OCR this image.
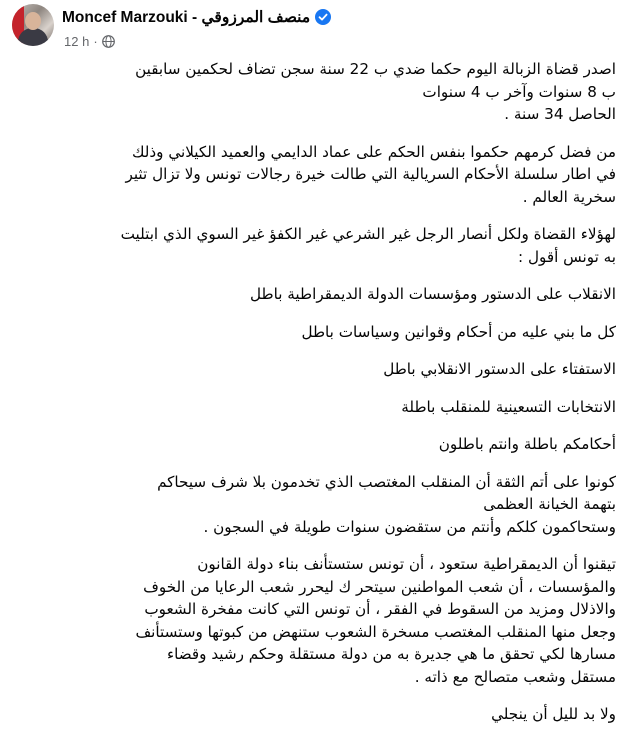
Moncef Marzouki - منصف المرزوقي
12 h ·
اصدر قضاة الزبالة اليوم حكما ضدي ب 22 سنة سجن تضاف لحكمين سابقين
ب 8 سنوات وآخر ب 4 سنوات
الحاصل 34 سنة .
من فضل كرمهم حكموا بنفس الحكم على عماد الدايمي والعميد الكيلاني وذلك
في اطار سلسلة الأحكام السريالية التي طالت خيرة رجالات تونس ولا تزال تثير
سخرية العالم .
لهؤلاء القضاة ولكل أنصار الرجل غير الشرعي غير الكفؤ غير السوي الذي ابتليت
به تونس أقول :
الانقلاب على الدستور ومؤسسات الدولة الديمقراطية باطل
كل ما بني عليه من أحكام وقوانين وسياسات باطل
الاستفتاء على الدستور الانقلابي باطل
الانتخابات التسعينية للمنقلب باطلة
أحكامكم باطلة وانتم باطلون
كونوا على أتم الثقة أن المنقلب المغتصب الذي تخدمون بلا شرف سيحاكم
بتهمة الخيانة العظمى
وستحاكمون كلكم وأنتم من ستقضون سنوات طويلة في السجون .
تيقنوا أن الديمقراطية ستعود ، أن تونس ستستأنف بناء دولة القانون
والمؤسسات ، أن شعب المواطنين سيتحر ك ليحرر شعب الرعايا من الخوف
والاذلال ومزيد من السقوط في الفقر ، أن تونس التي كانت مفخرة الشعوب
وجعل منها المنقلب المغتصب مسخرة الشعوب ستنهض من كبوتها وستستأنف
مسارها لكي تحقق ما هي جديرة به من دولة مستقلة وحكم رشيد وقضاء
مستقل وشعب متصالح مع ذاته .
ولا بد لليل أن ينجلي
